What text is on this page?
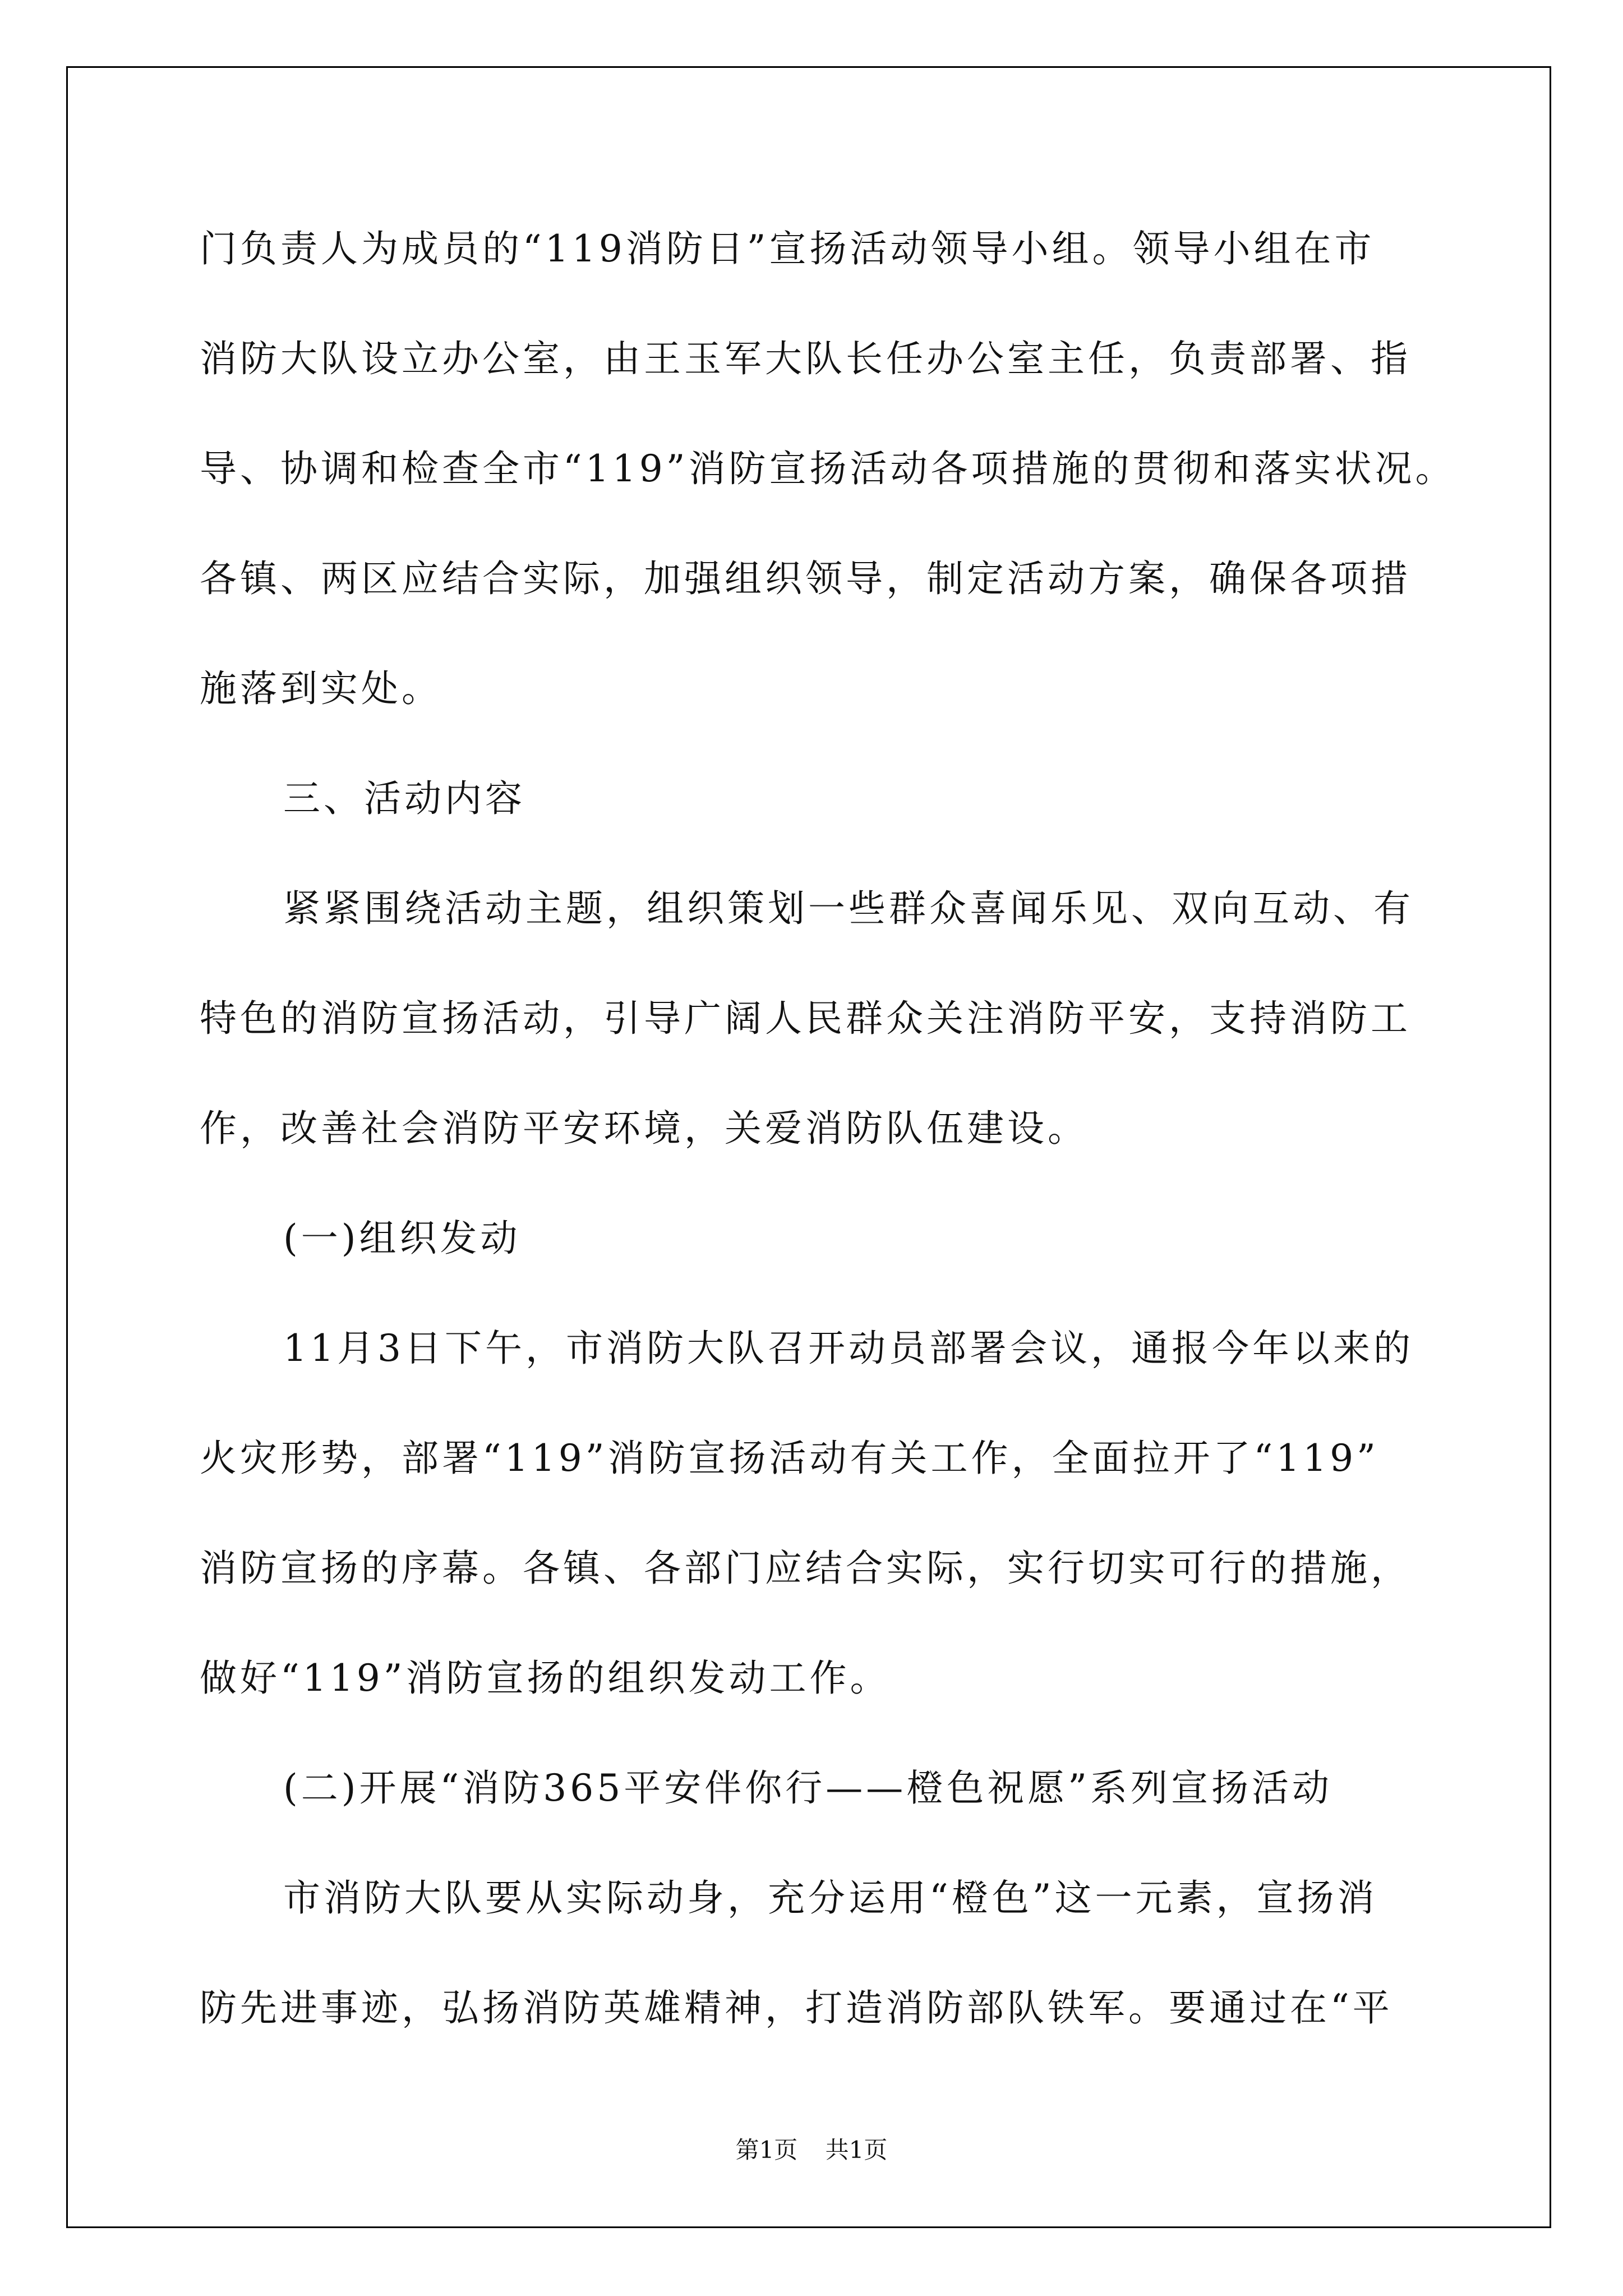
门负责人为成员的“119消防日”宣扬活动领导小组。领导小组在市
消防大队设立办公室，由王玉军大队长任办公室主任，负责部署、指
导、协调和检查全市“119”消防宣扬活动各项措施的贯彻和落实状况。
各镇、两区应结合实际，加强组织领导，制定活动方案，确保各项措
施落到实处。
三、活动内容
紧紧围绕活动主题，组织策划一些群众喜闻乐见、双向互动、有
特色的消防宣扬活动，引导广阔人民群众关注消防平安，支持消防工
作，改善社会消防平安环境，关爱消防队伍建设。
(一)组织发动
11月3日下午，市消防大队召开动员部署会议，通报今年以来的
火灾形势，部署“119”消防宣扬活动有关工作，全面拉开了“119”
消防宣扬的序幕。各镇、各部门应结合实际，实行切实可行的措施，
做好“119”消防宣扬的组织发动工作。
(二)开展“消防365平安伴你行——橙色祝愿”系列宣扬活动
市消防大队要从实际动身，充分运用“橙色”这一元素，宣扬消
防先进事迹，弘扬消防英雄精神，打造消防部队铁军。要通过在“平
第1页 共1页
